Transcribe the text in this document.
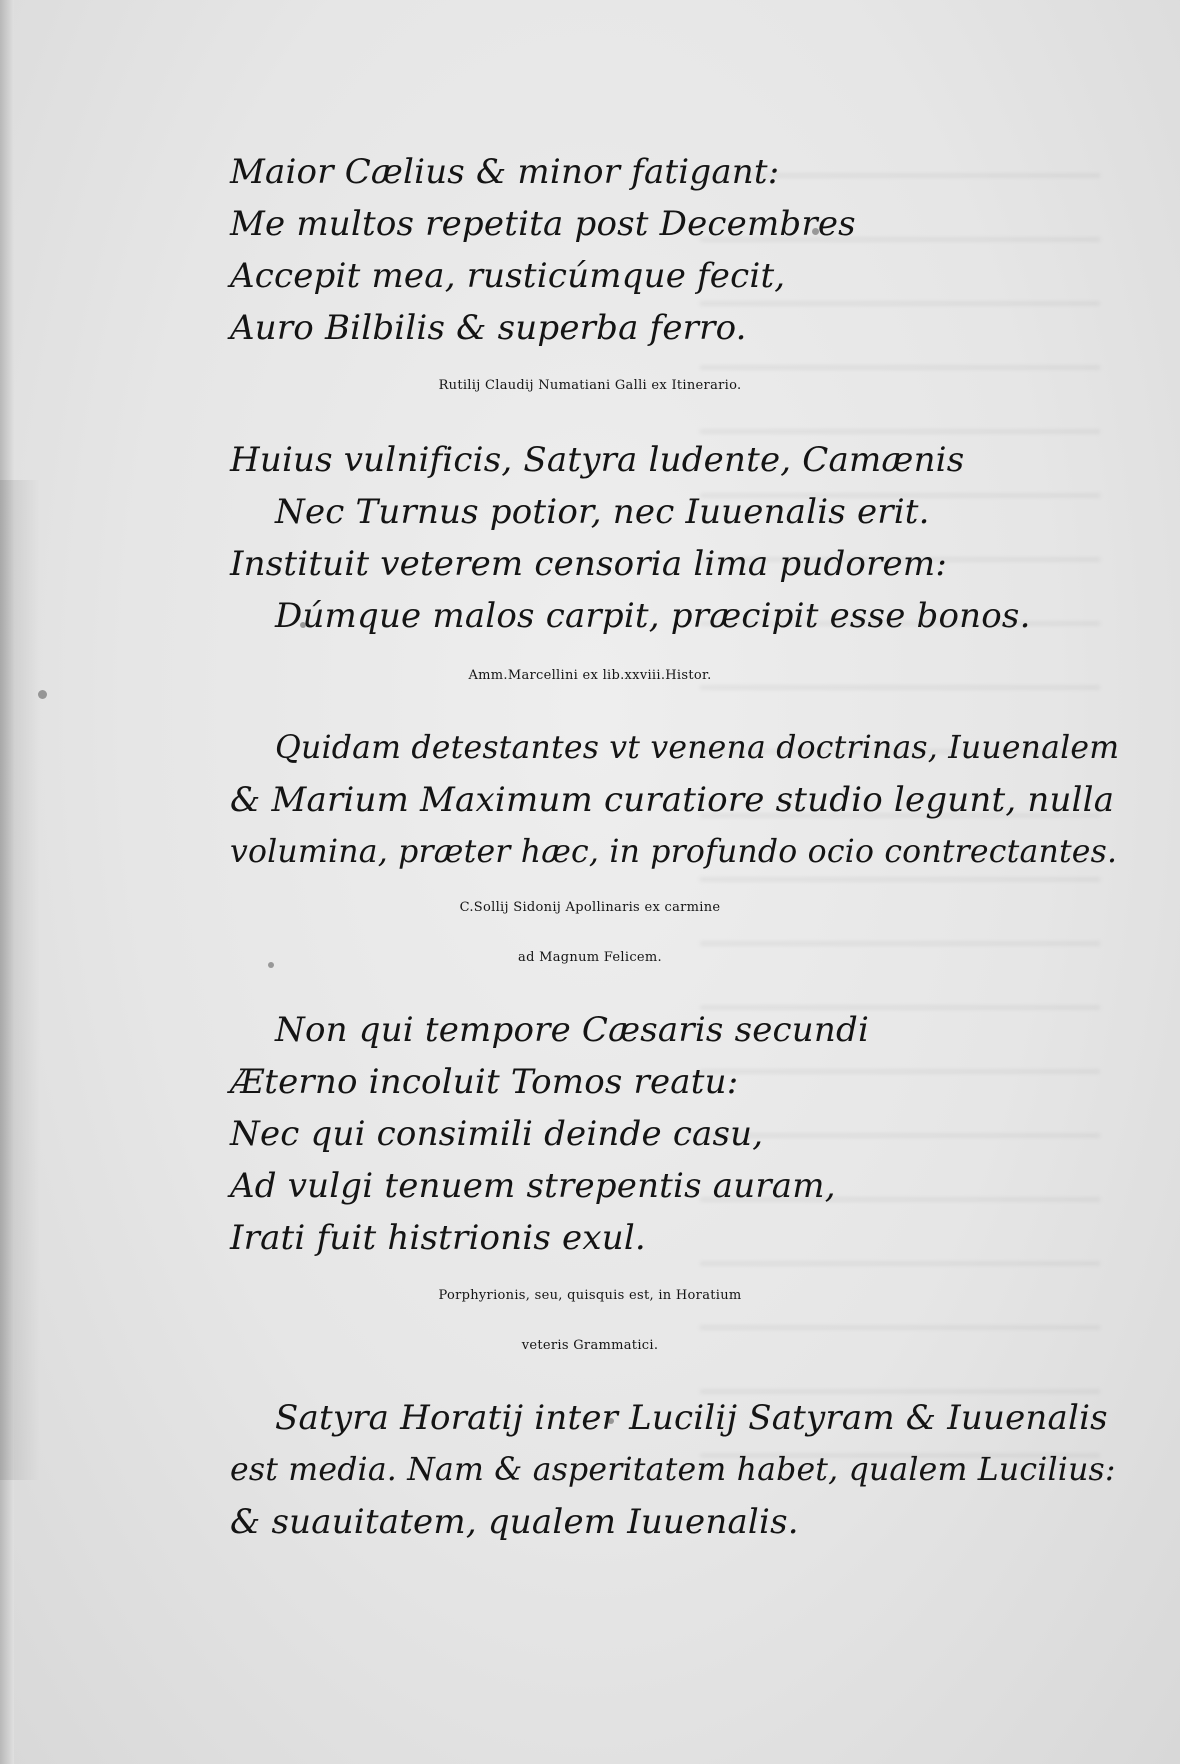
Maior Cælius & minor fatigant:
Me multos repetita post Decembres
Accepit mea, rusticúmque fecit,
Auro Bilbilis & superba ferro.
Rutilij Claudij Numatiani Galli ex Itinerario.
Huius vulnificis, Satyra ludente, Camænis
Nec Turnus potior, nec Iuuenalis erit.
Instituit veterem censoria lima pudorem:
Dúmque malos carpit, præcipit esse bonos.
Amm.Marcellini ex lib.xxviii.Histor.
Quidam detestantes vt venena doctrinas, Iuuenalem
& Marium Maximum curatiore studio legunt, nulla
volumina, præter hæc, in profundo ocio contrectantes.
C.Sollij Sidonij Apollinaris ex carmine
ad Magnum Felicem.
Non qui tempore Cæsaris secundi
Æterno incoluit Tomos reatu:
Nec qui consimili deinde casu,
Ad vulgi tenuem strepentis auram,
Irati fuit histrionis exul.
Porphyrionis, seu, quisquis est, in Horatium
veteris Grammatici.
Satyra Horatij inter Lucilij Satyram & Iuuenalis
est media. Nam & asperitatem habet, qualem Lucilius:
& suauitatem, qualem Iuuenalis.
